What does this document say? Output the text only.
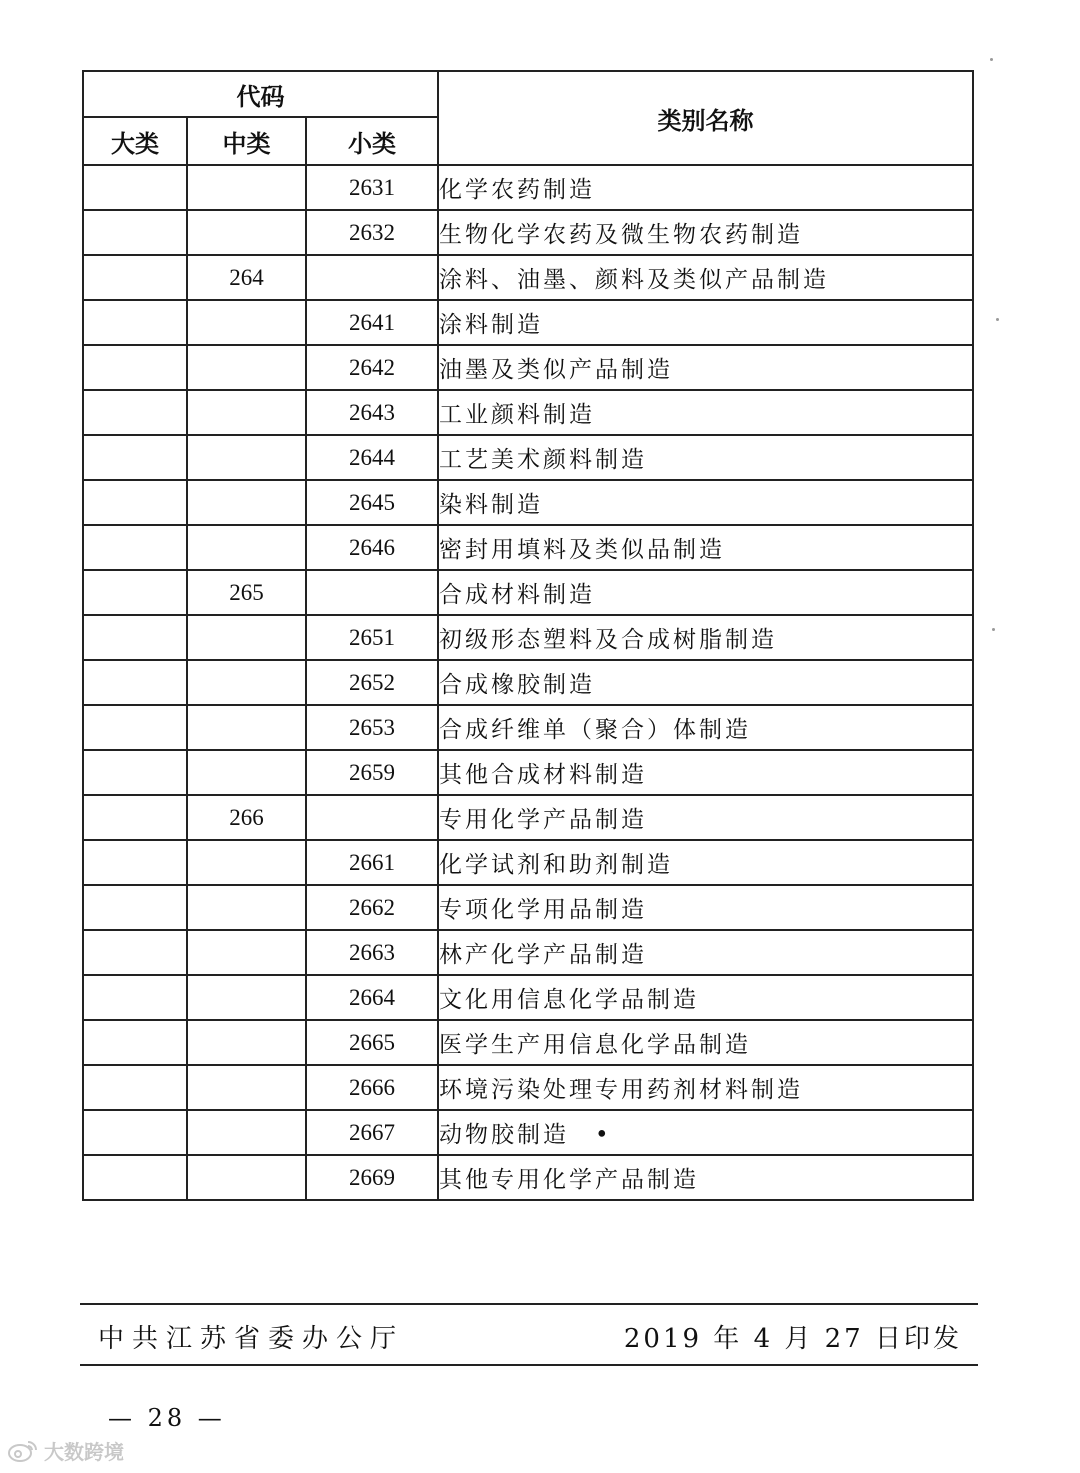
代码			类别名称
大类	中类	小类	
		2631	化学农药制造
		2632	生物化学农药及微生物农药制造
	264		涂料、油墨、颜料及类似产品制造
		2641	涂料制造
		2642	油墨及类似产品制造
		2643	工业颜料制造
		2644	工艺美术颜料制造
		2645	染料制造
		2646	密封用填料及类似品制造
	265		合成材料制造
		2651	初级形态塑料及合成树脂制造
		2652	合成橡胶制造
		2653	合成纤维单（聚合）体制造
		2659	其他合成材料制造
	266		专用化学产品制造
		2661	化学试剂和助剂制造
		2662	专项化学用品制造
		2663	林产化学产品制造
		2664	文化用信息化学品制造
		2665	医学生产用信息化学品制造
		2666	环境污染处理专用药剂材料制造
		2667	动物胶制造　•
		2669	其他专用化学产品制造
中共江苏省委办公厅	2019 年 4 月 27 日印发
— 28 —
大数跨境
